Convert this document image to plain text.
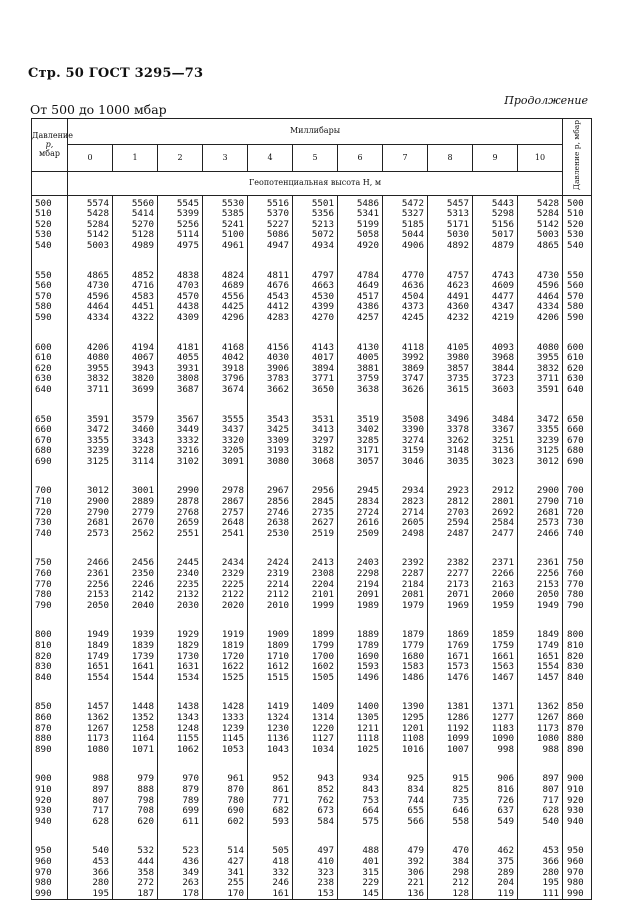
Стр. 50 ГОСТ 3295—73
От 500 до 1000 мбар
Продолжение
Давление
p,
мбар	Миллибары											Давление p, мбар
	0	1	2	3	4	5	6	7	8	9	10	
	Геопотенциальная высота H, м											
500	5574	5560	5545	5530	5516	5501	5486	5472	5457	5443	5428	500
510	5428	5414	5399	5385	5370	5356	5341	5327	5313	5298	5284	510
520	5284	5270	5256	5241	5227	5213	5199	5185	5171	5156	5142	520
530	5142	5128	5114	5100	5086	5072	5058	5044	5030	5017	5003	530
540	5003	4989	4975	4961	4947	4934	4920	4906	4892	4879	4865	540
550	4865	4852	4838	4824	4811	4797	4784	4770	4757	4743	4730	550
560	4730	4716	4703	4689	4676	4663	4649	4636	4623	4609	4596	560
570	4596	4583	4570	4556	4543	4530	4517	4504	4491	4477	4464	570
580	4464	4451	4438	4425	4412	4399	4386	4373	4360	4347	4334	580
590	4334	4322	4309	4296	4283	4270	4257	4245	4232	4219	4206	590
600	4206	4194	4181	4168	4156	4143	4130	4118	4105	4093	4080	600
610	4080	4067	4055	4042	4030	4017	4005	3992	3980	3968	3955	610
620	3955	3943	3931	3918	3906	3894	3881	3869	3857	3844	3832	620
630	3832	3820	3808	3796	3783	3771	3759	3747	3735	3723	3711	630
640	3711	3699	3687	3674	3662	3650	3638	3626	3615	3603	3591	640
650	3591	3579	3567	3555	3543	3531	3519	3508	3496	3484	3472	650
660	3472	3460	3449	3437	3425	3413	3402	3390	3378	3367	3355	660
670	3355	3343	3332	3320	3309	3297	3285	3274	3262	3251	3239	670
680	3239	3228	3216	3205	3193	3182	3171	3159	3148	3136	3125	680
690	3125	3114	3102	3091	3080	3068	3057	3046	3035	3023	3012	690
700	3012	3001	2990	2978	2967	2956	2945	2934	2923	2912	2900	700
710	2900	2889	2878	2867	2856	2845	2834	2823	2812	2801	2790	710
720	2790	2779	2768	2757	2746	2735	2724	2714	2703	2692	2681	720
730	2681	2670	2659	2648	2638	2627	2616	2605	2594	2584	2573	730
740	2573	2562	2551	2541	2530	2519	2509	2498	2487	2477	2466	740
750	2466	2456	2445	2434	2424	2413	2403	2392	2382	2371	2361	750
760	2361	2350	2340	2329	2319	2308	2298	2287	2277	2266	2256	760
770	2256	2246	2235	2225	2214	2204	2194	2184	2173	2163	2153	770
780	2153	2142	2132	2122	2112	2101	2091	2081	2071	2060	2050	780
790	2050	2040	2030	2020	2010	1999	1989	1979	1969	1959	1949	790
800	1949	1939	1929	1919	1909	1899	1889	1879	1869	1859	1849	800
810	1849	1839	1829	1819	1809	1799	1789	1779	1769	1759	1749	810
820	1749	1739	1730	1720	1710	1700	1690	1680	1671	1661	1651	820
830	1651	1641	1631	1622	1612	1602	1593	1583	1573	1563	1554	830
840	1554	1544	1534	1525	1515	1505	1496	1486	1476	1467	1457	840
850	1457	1448	1438	1428	1419	1409	1400	1390	1381	1371	1362	850
860	1362	1352	1343	1333	1324	1314	1305	1295	1286	1277	1267	860
870	1267	1258	1248	1239	1230	1220	1211	1201	1192	1183	1173	870
880	1173	1164	1155	1145	1136	1127	1118	1108	1099	1090	1080	880
890	1080	1071	1062	1053	1043	1034	1025	1016	1007	998	988	890
900	988	979	970	961	952	943	934	925	915	906	897	900
910	897	888	879	870	861	852	843	834	825	816	807	910
920	807	798	789	780	771	762	753	744	735	726	717	920
930	717	708	699	690	682	673	664	655	646	637	628	930
940	628	620	611	602	593	584	575	566	558	549	540	940
950	540	532	523	514	505	497	488	479	470	462	453	950
960	453	444	436	427	418	410	401	392	384	375	366	960
970	366	358	349	341	332	323	315	306	298	289	280	970
980	280	272	263	255	246	238	229	221	212	204	195	980
990	195	187	178	170	161	153	145	136	128	119	111	990
